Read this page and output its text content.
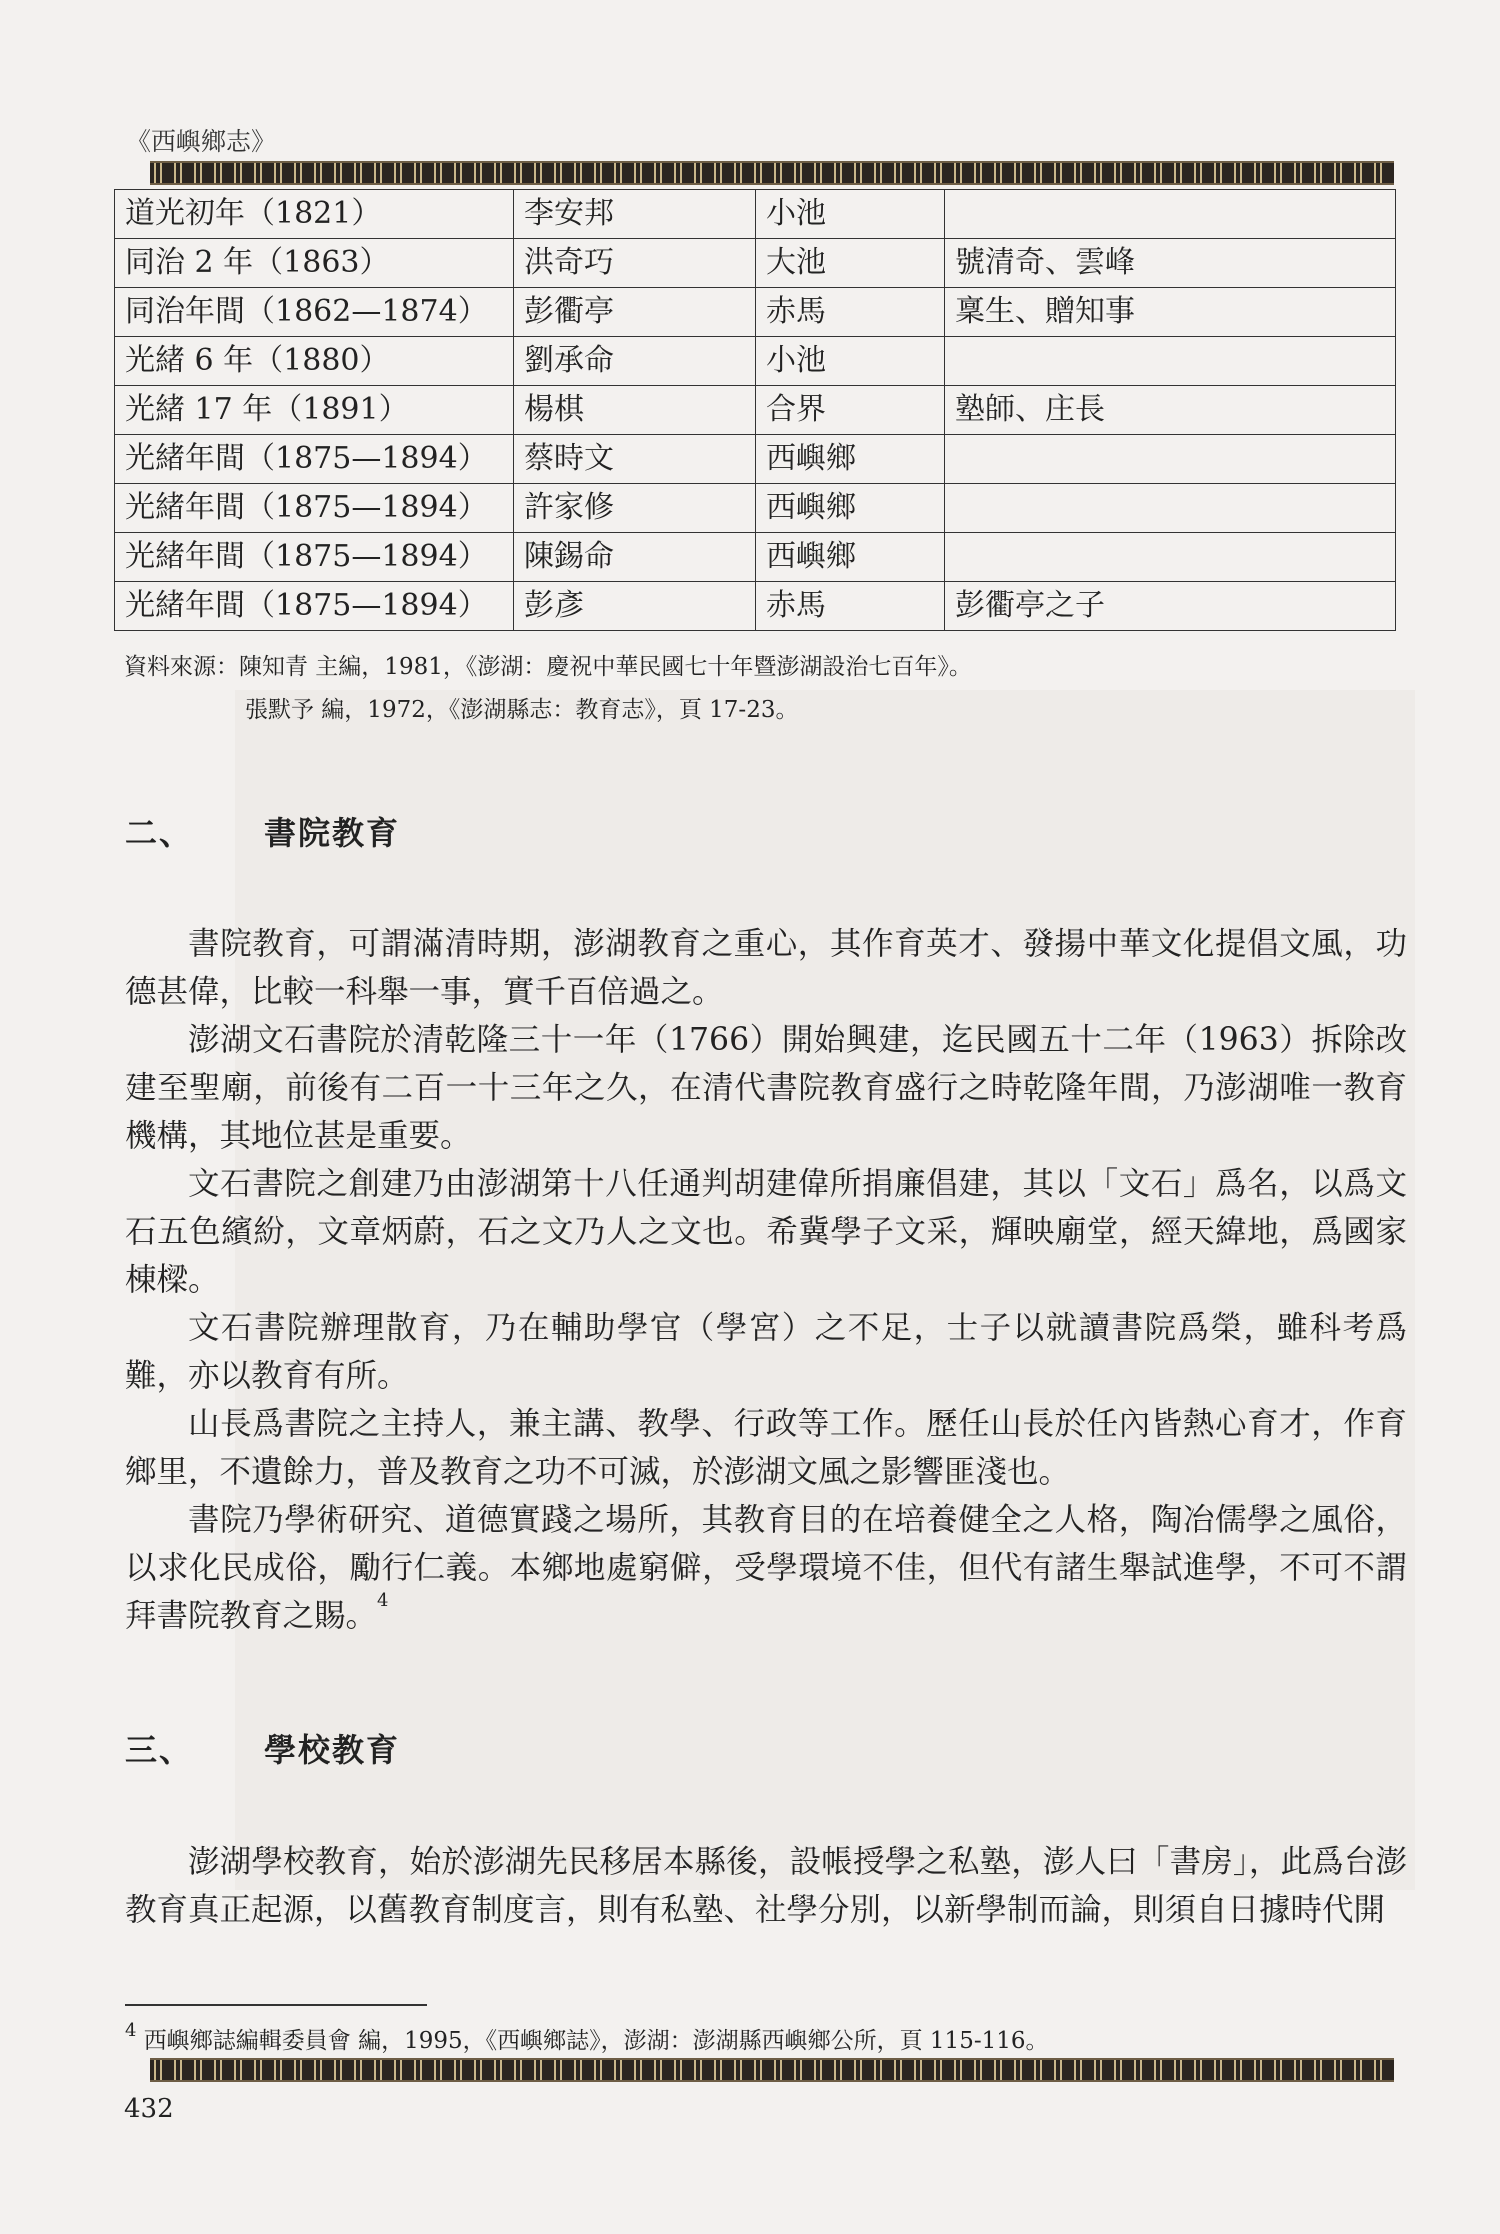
《西嶼鄉志》
道光初年（1821）	李安邦	小池	
同治 2 年（1863）	洪奇巧	大池	號清奇、雲峰
同治年間（1862—1874）	彭衢亭	赤馬	稟生、贈知事
光緒 6 年（1880）	劉承命	小池	
光緒 17 年（1891）	楊棋	合界	塾師、庄長
光緒年間（1875—1894）	蔡時文	西嶼鄉	
光緒年間（1875—1894）	許家修	西嶼鄉	
光緒年間（1875—1894）	陳錫命	西嶼鄉	
光緒年間（1875—1894）	彭彥	赤馬	彭衢亭之子
資料來源：陳知青 主編，1981，《澎湖：慶祝中華民國七十年暨澎湖設治七百年》。
張默予 編，1972，《澎湖縣志：教育志》，頁 17-23。
二、 書院教育

書院教育，可謂滿清時期，澎湖教育之重心，其作育英才、發揚中華文化提倡文風，功德甚偉，比較一科舉一事，實千百倍過之。

澎湖文石書院於清乾隆三十一年（1766）開始興建，迄民國五十二年（1963）拆除改建至聖廟，前後有二百一十三年之久，在清代書院教育盛行之時乾隆年間，乃澎湖唯一教育機構，其地位甚是重要。

文石書院之創建乃由澎湖第十八任通判胡建偉所捐廉倡建，其以「文石」爲名，以爲文石五色繽紛，文章炳蔚，石之文乃人之文也。希冀學子文采，輝映廟堂，經天緯地，爲國家棟樑。

文石書院辦理散育，乃在輔助學官（學宮）之不足，士子以就讀書院爲榮，雖科考爲難，亦以教育有所。

山長爲書院之主持人，兼主講、教學、行政等工作。歷任山長於任內皆熱心育才，作育鄉里，不遺餘力，普及教育之功不可滅，於澎湖文風之影響匪淺也。

書院乃學術研究、道德實踐之場所，其教育目的在培養健全之人格，陶冶儒學之風俗，以求化民成俗，勵行仁義。本鄉地處窮僻，受學環境不佳，但代有諸生舉試進學，不可不謂拜書院教育之賜。$^4$

三、 學校教育

澎湖學校教育，始於澎湖先民移居本縣後，設帳授學之私塾，澎人曰「書房」，此爲台澎教育真正起源，以舊教育制度言，則有私塾、社學分別，以新學制而論，則須自日據時代開

$^4$ 西嶼鄉誌編輯委員會 編，1995，《西嶼鄉誌》，澎湖：澎湖縣西嶼鄉公所，頁 115-116。
432
